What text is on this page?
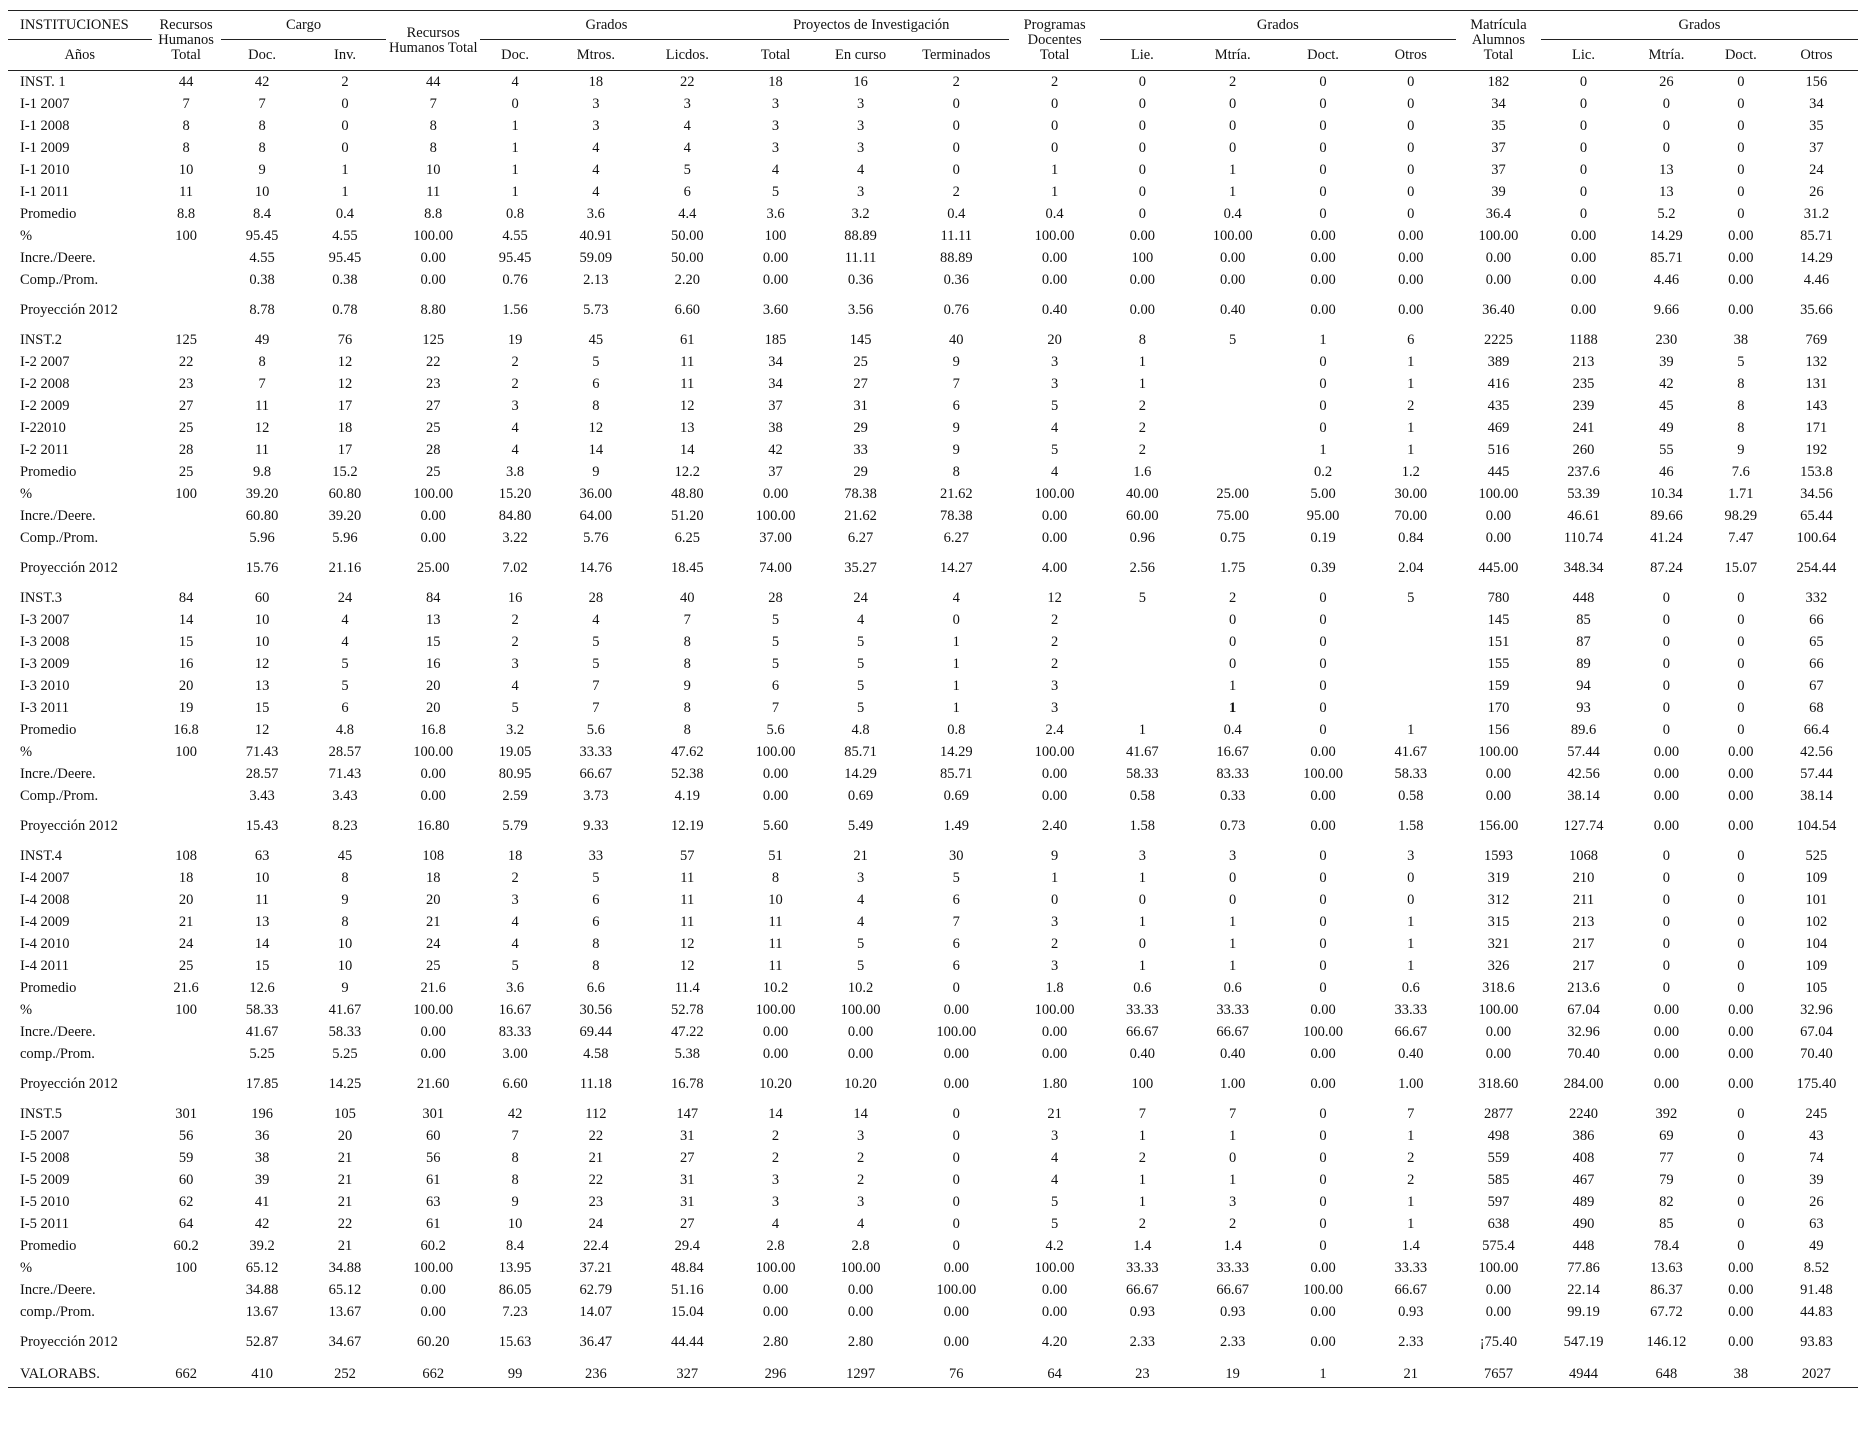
INSTITUCIONES	Recursos Humanos Total	Cargo		Recursos Humanos Total	Grados			Proyectos de Investigación			Programas Docentes Total	Grados				Matrícula Alumnos Total	Grados			
Años		Doc.	Inv.		Doc.	Mtros.	Licdos.	Total	En curso	Terminados		Lie.	Mtría.	Doct.	Otros		Lic.	Mtría.	Doct.	Otros
INST. 1	44	42	2	44	4	18	22	18	16	2	2	0	2	0	0	182	0	26	0	156
I-1 2007	7	7	0	7	0	3	3	3	3	0	0	0	0	0	0	34	0	0	0	34
I-1 2008	8	8	0	8	1	3	4	3	3	0	0	0	0	0	0	35	0	0	0	35
I-1 2009	8	8	0	8	1	4	4	3	3	0	0	0	0	0	0	37	0	0	0	37
I-1 2010	10	9	1	10	1	4	5	4	4	0	1	0	1	0	0	37	0	13	0	24
I-1 2011	11	10	1	11	1	4	6	5	3	2	1	0	1	0	0	39	0	13	0	26
Promedio	8.8	8.4	0.4	8.8	0.8	3.6	4.4	3.6	3.2	0.4	0.4	0	0.4	0	0	36.4	0	5.2	0	31.2
%	100	95.45	4.55	100.00	4.55	40.91	50.00	100	88.89	11.11	100.00	0.00	100.00	0.00	0.00	100.00	0.00	14.29	0.00	85.71
Incre./Deere.		4.55	95.45	0.00	95.45	59.09	50.00	0.00	11.11	88.89	0.00	100	0.00	0.00	0.00	0.00	0.00	85.71	0.00	14.29
Comp./Prom.		0.38	0.38	0.00	0.76	2.13	2.20	0.00	0.36	0.36	0.00	0.00	0.00	0.00	0.00	0.00	0.00	4.46	0.00	4.46
Proyección 2012		8.78	0.78	8.80	1.56	5.73	6.60	3.60	3.56	0.76	0.40	0.00	0.40	0.00	0.00	36.40	0.00	9.66	0.00	35.66
INST.2	125	49	76	125	19	45	61	185	145	40	20	8	5	1	6	2225	1188	230	38	769
I-2 2007	22	8	12	22	2	5	11	34	25	9	3	1		0	1	389	213	39	5	132
I-2 2008	23	7	12	23	2	6	11	34	27	7	3	1		0	1	416	235	42	8	131
I-2 2009	27	11	17	27	3	8	12	37	31	6	5	2		0	2	435	239	45	8	143
I-22010	25	12	18	25	4	12	13	38	29	9	4	2		0	1	469	241	49	8	171
I-2 2011	28	11	17	28	4	14	14	42	33	9	5	2		1	1	516	260	55	9	192
Promedio	25	9.8	15.2	25	3.8	9	12.2	37	29	8	4	1.6		0.2	1.2	445	237.6	46	7.6	153.8
%	100	39.20	60.80	100.00	15.20	36.00	48.80	0.00	78.38	21.62	100.00	40.00	25.00	5.00	30.00	100.00	53.39	10.34	1.71	34.56
Incre./Deere.		60.80	39.20	0.00	84.80	64.00	51.20	100.00	21.62	78.38	0.00	60.00	75.00	95.00	70.00	0.00	46.61	89.66	98.29	65.44
Comp./Prom.		5.96	5.96	0.00	3.22	5.76	6.25	37.00	6.27	6.27	0.00	0.96	0.75	0.19	0.84	0.00	110.74	41.24	7.47	100.64
Proyección 2012		15.76	21.16	25.00	7.02	14.76	18.45	74.00	35.27	14.27	4.00	2.56	1.75	0.39	2.04	445.00	348.34	87.24	15.07	254.44
INST.3	84	60	24	84	16	28	40	28	24	4	12	5	2	0	5	780	448	0	0	332
I-3 2007	14	10	4	13	2	4	7	5	4	0	2		0	0		145	85	0	0	66
I-3 2008	15	10	4	15	2	5	8	5	5	1	2		0	0		151	87	0	0	65
I-3 2009	16	12	5	16	3	5	8	5	5	1	2		0	0		155	89	0	0	66
I-3 2010	20	13	5	20	4	7	9	6	5	1	3		1	0		159	94	0	0	67
I-3 2011	19	15	6	20	5	7	8	7	5	1	3		1	0		170	93	0	0	68
Promedio	16.8	12	4.8	16.8	3.2	5.6	8	5.6	4.8	0.8	2.4	1	0.4	0	1	156	89.6	0	0	66.4
%	100	71.43	28.57	100.00	19.05	33.33	47.62	100.00	85.71	14.29	100.00	41.67	16.67	0.00	41.67	100.00	57.44	0.00	0.00	42.56
Incre./Deere.		28.57	71.43	0.00	80.95	66.67	52.38	0.00	14.29	85.71	0.00	58.33	83.33	100.00	58.33	0.00	42.56	0.00	0.00	57.44
Comp./Prom.		3.43	3.43	0.00	2.59	3.73	4.19	0.00	0.69	0.69	0.00	0.58	0.33	0.00	0.58	0.00	38.14	0.00	0.00	38.14
Proyección 2012		15.43	8.23	16.80	5.79	9.33	12.19	5.60	5.49	1.49	2.40	1.58	0.73	0.00	1.58	156.00	127.74	0.00	0.00	104.54
INST.4	108	63	45	108	18	33	57	51	21	30	9	3	3	0	3	1593	1068	0	0	525
I-4 2007	18	10	8	18	2	5	11	8	3	5	1	1	0	0	0	319	210	0	0	109
I-4 2008	20	11	9	20	3	6	11	10	4	6	0	0	0	0	0	312	211	0	0	101
I-4 2009	21	13	8	21	4	6	11	11	4	7	3	1	1	0	1	315	213	0	0	102
I-4 2010	24	14	10	24	4	8	12	11	5	6	2	0	1	0	1	321	217	0	0	104
I-4 2011	25	15	10	25	5	8	12	11	5	6	3	1	1	0	1	326	217	0	0	109
Promedio	21.6	12.6	9	21.6	3.6	6.6	11.4	10.2	10.2	0	1.8	0.6	0.6	0	0.6	318.6	213.6	0	0	105
%	100	58.33	41.67	100.00	16.67	30.56	52.78	100.00	100.00	0.00	100.00	33.33	33.33	0.00	33.33	100.00	67.04	0.00	0.00	32.96
Incre./Deere.		41.67	58.33	0.00	83.33	69.44	47.22	0.00	0.00	100.00	0.00	66.67	66.67	100.00	66.67	0.00	32.96	0.00	0.00	67.04
comp./Prom.		5.25	5.25	0.00	3.00	4.58	5.38	0.00	0.00	0.00	0.00	0.40	0.40	0.00	0.40	0.00	70.40	0.00	0.00	70.40
Proyección 2012		17.85	14.25	21.60	6.60	11.18	16.78	10.20	10.20	0.00	1.80	100	1.00	0.00	1.00	318.60	284.00	0.00	0.00	175.40
INST.5	301	196	105	301	42	112	147	14	14	0	21	7	7	0	7	2877	2240	392	0	245
I-5 2007	56	36	20	60	7	22	31	2	3	0	3	1	1	0	1	498	386	69	0	43
I-5 2008	59	38	21	56	8	21	27	2	2	0	4	2	0	0	2	559	408	77	0	74
I-5 2009	60	39	21	61	8	22	31	3	2	0	4	1	1	0	2	585	467	79	0	39
I-5 2010	62	41	21	63	9	23	31	3	3	0	5	1	3	0	1	597	489	82	0	26
I-5 2011	64	42	22	61	10	24	27	4	4	0	5	2	2	0	1	638	490	85	0	63
Promedio	60.2	39.2	21	60.2	8.4	22.4	29.4	2.8	2.8	0	4.2	1.4	1.4	0	1.4	575.4	448	78.4	0	49
%	100	65.12	34.88	100.00	13.95	37.21	48.84	100.00	100.00	0.00	100.00	33.33	33.33	0.00	33.33	100.00	77.86	13.63	0.00	8.52
Incre./Deere.		34.88	65.12	0.00	86.05	62.79	51.16	0.00	0.00	100.00	0.00	66.67	66.67	100.00	66.67	0.00	22.14	86.37	0.00	91.48
comp./Prom.		13.67	13.67	0.00	7.23	14.07	15.04	0.00	0.00	0.00	0.00	0.93	0.93	0.00	0.93	0.00	99.19	67.72	0.00	44.83
Proyección 2012		52.87	34.67	60.20	15.63	36.47	44.44	2.80	2.80	0.00	4.20	2.33	2.33	0.00	2.33	¡75.40	547.19	146.12	0.00	93.83
VALORABS.	662	410	252	662	99	236	327	296	1297	76	64	23	19	1	21	7657	4944	648	38	2027
